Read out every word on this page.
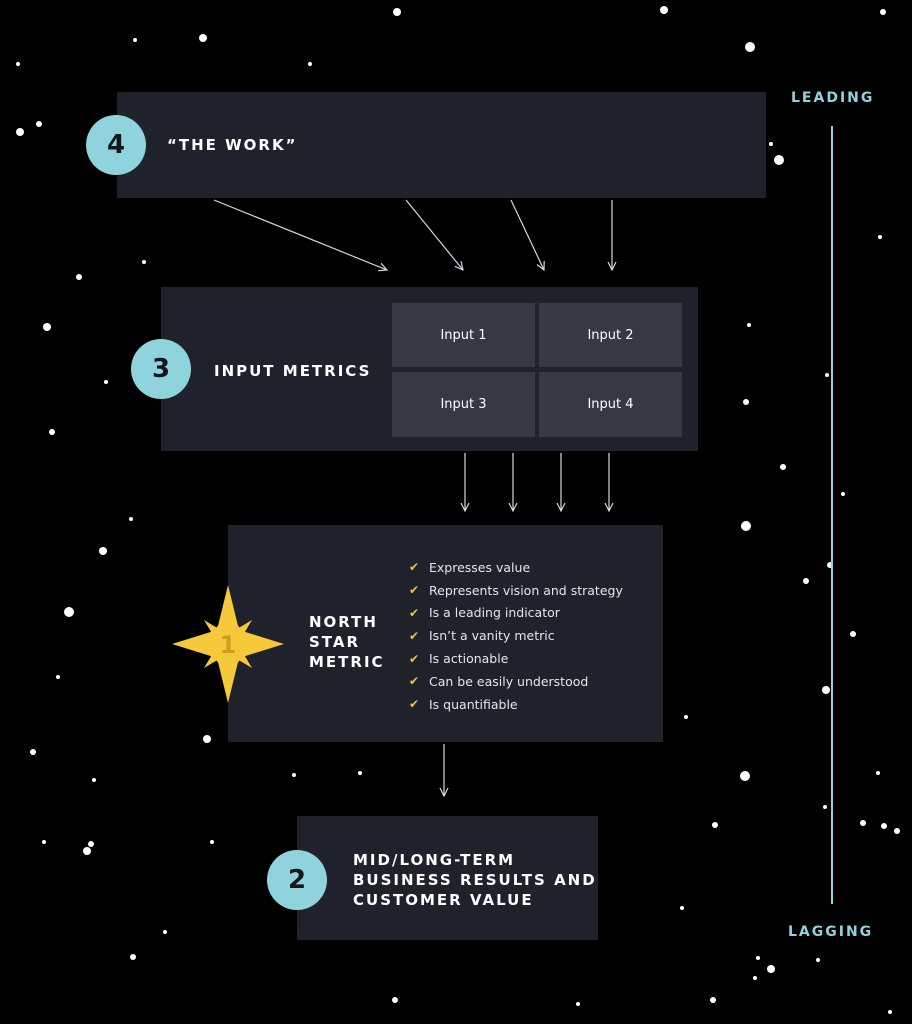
LEADING
LAGGING
4	“THE WORK”
3	INPUT METRICS
Input 1	Input 2
Input 3	Input 4
1
NORTH
STAR
METRIC
✔ Expresses value
✔ Represents vision and strategy
✔ Is a leading indicator
✔ Isn’t a vanity metric
✔ Is actionable
✔ Can be easily understood
✔ Is quantifiable
2
MID/LONG-TERM
BUSINESS RESULTS AND
CUSTOMER VALUE
